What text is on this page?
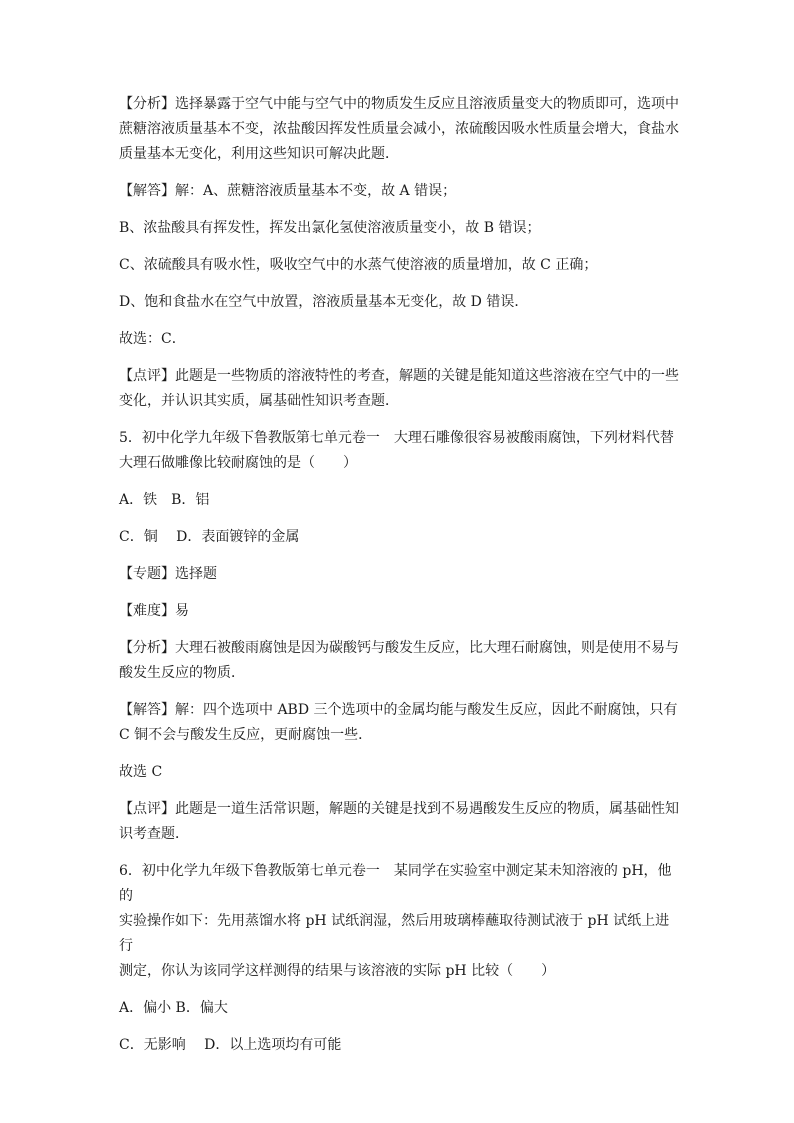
【分析】选择暴露于空气中能与空气中的物质发生反应且溶液质量变大的物质即可，选项中
蔗糖溶液质量基本不变，浓盐酸因挥发性质量会减小，浓硫酸因吸水性质量会增大，食盐水
质量基本无变化，利用这些知识可解决此题．
【解答】解：A、蔗糖溶液质量基本不变，故 A 错误；
B、浓盐酸具有挥发性，挥发出氯化氢使溶液质量变小，故 B 错误；
C、浓硫酸具有吸水性，吸收空气中的水蒸气使溶液的质量增加，故 C 正确；
D、饱和食盐水在空气中放置，溶液质量基本无变化，故 D 错误．
故选：C．
【点评】此题是一些物质的溶液特性的考查，解题的关键是能知道这些溶液在空气中的一些
变化，并认识其实质，属基础性知识考查题．
5．初中化学九年级下鲁教版第七单元卷一　大理石雕像很容易被酸雨腐蚀，下列材料代替
大理石做雕像比较耐腐蚀的是（　　）
A．铁　B．铝
C．铜　 D．表面镀锌的金属
【专题】选择题
【难度】易
【分析】大理石被酸雨腐蚀是因为碳酸钙与酸发生反应，比大理石耐腐蚀，则是使用不易与
酸发生反应的物质．
【解答】解：四个选项中 ABD 三个选项中的金属均能与酸发生反应，因此不耐腐蚀，只有
C 铜不会与酸发生反应，更耐腐蚀一些．
故选 C
【点评】此题是一道生活常识题，解题的关键是找到不易遇酸发生反应的物质，属基础性知
识考查题．
6．初中化学九年级下鲁教版第七单元卷一　某同学在实验室中测定某未知溶液的 pH，他的
实验操作如下：先用蒸馏水将 pH 试纸润湿，然后用玻璃棒蘸取待测试液于 pH 试纸上进行
测定，你认为该同学这样测得的结果与该溶液的实际 pH 比较（　　）
A．偏小 B．偏大
C．无影响　 D．以上选项均有可能
